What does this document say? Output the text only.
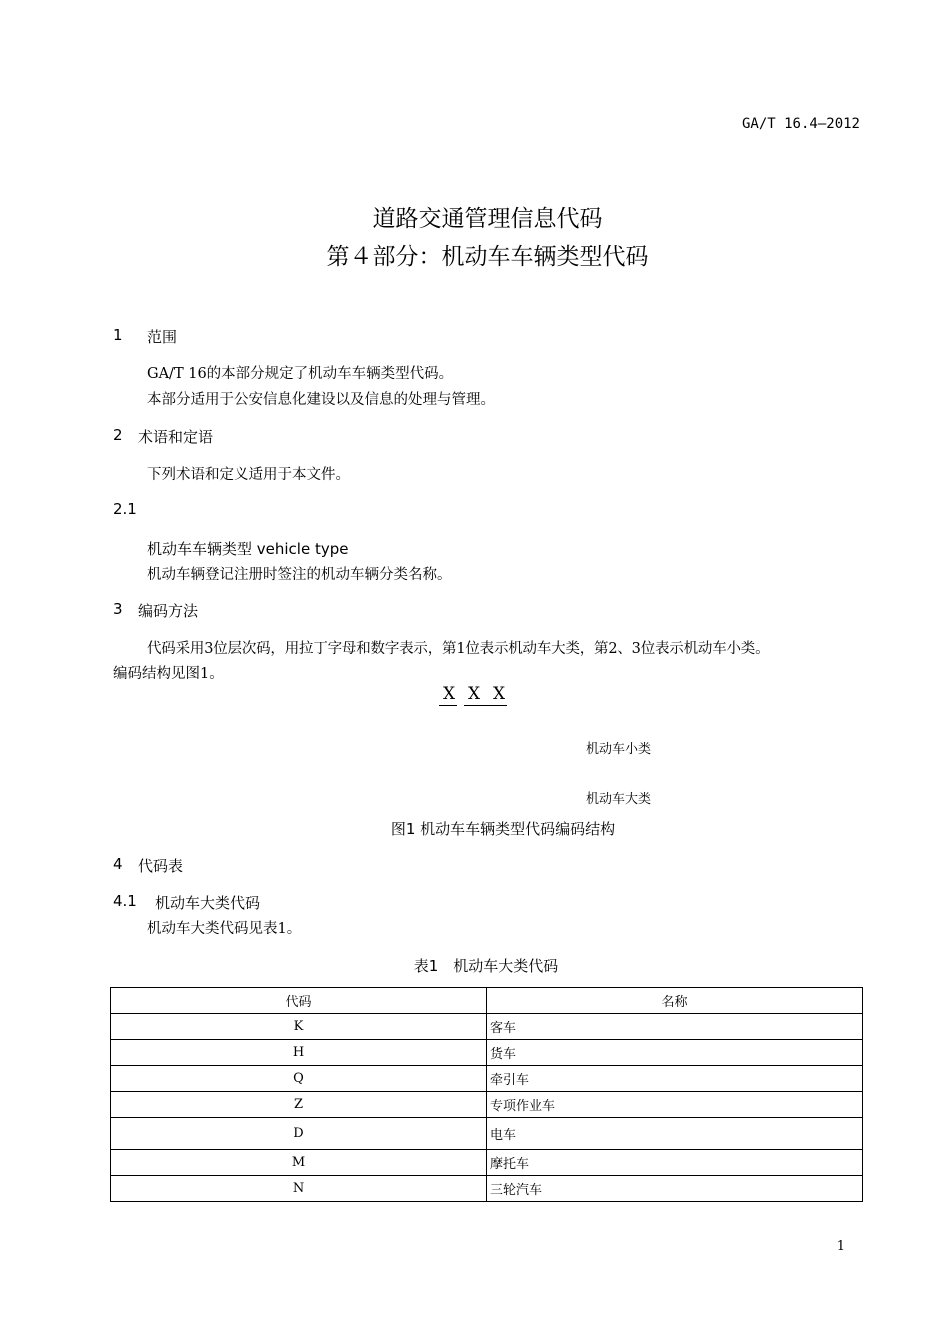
GA/T 16.4—2012
道路交通管理信息代码
第４部分：机动车车辆类型代码
1 范围
GA/T 16的本部分规定了机动车车辆类型代码。
本部分适用于公安信息化建设以及信息的处理与管理。
2 术语和定语
下列术语和定义适用于本文件。
2.1
机动车车辆类型 vehicle type
机动车辆登记注册时签注的机动车辆分类名称。
3 编码方法
代码采用3位层次码，用拉丁字母和数字表示，第1位表示机动车大类，第2、3位表示机动车小类。
编码结构见图1。
X X X
机动车小类
机动车大类
图1 机动车车辆类型代码编码结构
4 代码表
4.1 机动车大类代码
机动车大类代码见表1。
表1　机动车大类代码
代码	名称
K	客车
H	货车
Q	牵引车
Z	专项作业车
D	电车
M	摩托车
N	三轮汽车
1
